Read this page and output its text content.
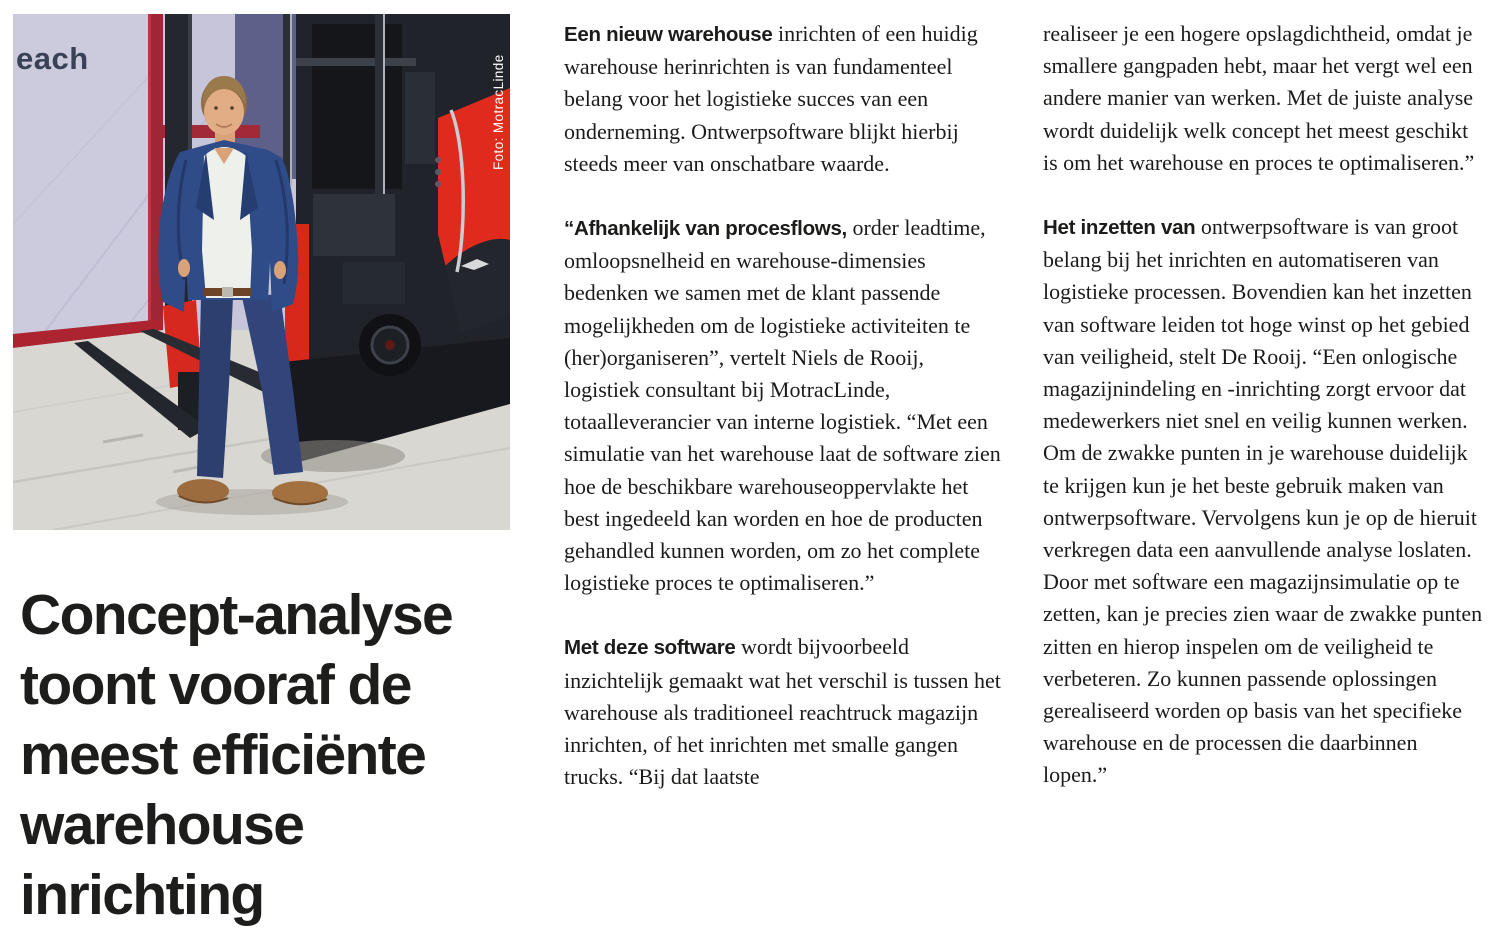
each	Foto: MotracLinde
Concept-analyse
toont vooraf de
meest efficiënte
warehouse
inrichting

Een nieuw warehouse inrichten of een huidig warehouse herinrichten is van fundamenteel belang voor het logistieke succes van een onderneming. Ontwerpsoftware blijkt hierbij steeds meer van onschatbare waarde.

“Afhankelijk van procesflows, order leadtime, omloopsnelheid en warehouse-dimensies bedenken we samen met de klant passende mogelijkheden om de logistieke activiteiten te (her)organiseren”, vertelt Niels de Rooij, logistiek consultant bij MotracLinde, totaalleverancier van interne logistiek. “Met een simulatie van het warehouse laat de software zien hoe de beschikbare warehouseoppervlakte het best ingedeeld kan worden en hoe de producten gehandled kunnen worden, om zo het complete logistieke proces te optimaliseren.”

Met deze software wordt bijvoorbeeld inzichtelijk gemaakt wat het verschil is tussen het warehouse als traditioneel reachtruck magazijn inrichten, of het inrichten met smalle gangen trucks. “Bij dat laatste

realiseer je een hogere opslagdichtheid, omdat je smallere gangpaden hebt, maar het vergt wel een andere manier van werken. Met de juiste analyse wordt duidelijk welk concept het meest geschikt is om het warehouse en proces te optimaliseren.”

Het inzetten van ontwerpsoftware is van groot belang bij het inrichten en automatiseren van logistieke processen. Bovendien kan het inzetten van software leiden tot hoge winst op het gebied van veiligheid, stelt De Rooij. “Een onlogische magazijnindeling en -inrichting zorgt ervoor dat medewerkers niet snel en veilig kunnen werken. Om de zwakke punten in je warehouse duidelijk te krijgen kun je het beste gebruik maken van ontwerpsoftware. Vervolgens kun je op de hieruit verkregen data een aanvullende analyse loslaten. Door met software een magazijnsimulatie op te zetten, kan je precies zien waar de zwakke punten zitten en hierop inspelen om de veiligheid te verbeteren. Zo kunnen passende oplossingen gerealiseerd worden op basis van het specifieke warehouse en de processen die daarbinnen lopen.”
